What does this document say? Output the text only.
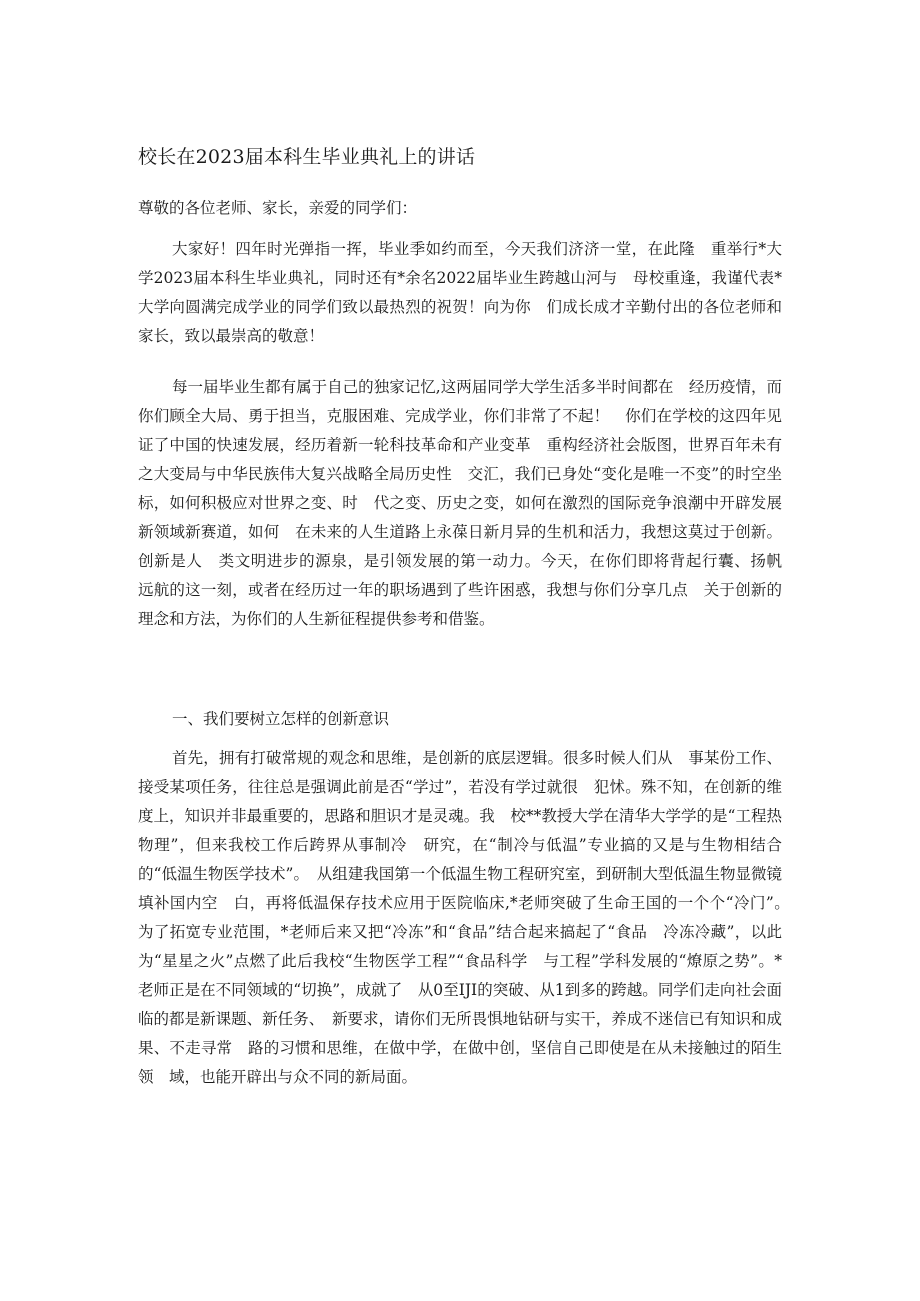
校长在2023届本科生毕业典礼上的讲话

尊敬的各位老师、家长，亲爱的同学们：

大家好！四年时光弹指一挥，毕业季如约而至，今天我们济济一堂，在此隆　重举行*大学2023届本科生毕业典礼，同时还有*余名2022届毕业生跨越山河与　母校重逢，我谨代表*大学向圆满完成学业的同学们致以最热烈的祝贺！向为你　们成长成才辛勤付出的各位老师和家长，致以最崇高的敬意！

每一届毕业生都有属于自己的独家记忆,这两届同学大学生活多半时间都在　经历疫情，而你们顾全大局、勇于担当，克服困难、完成学业，你们非常了不起！　你们在学校的这四年见证了中国的快速发展，经历着新一轮科技革命和产业变革　重构经济社会版图，世界百年未有之大变局与中华民族伟大复兴战略全局历史性　交汇，我们已身处“变化是唯一不变”的时空坐标，如何积极应对世界之变、时　代之变、历史之变，如何在激烈的国际竞争浪潮中开辟发展新领域新赛道，如何　在未来的人生道路上永葆日新月异的生机和活力，我想这莫过于创新。创新是人　类文明进步的源泉，是引领发展的第一动力。今天，在你们即将背起行囊、扬帆　远航的这一刻，或者在经历过一年的职场遇到了些许困惑，我想与你们分享几点　关于创新的理念和方法，为你们的人生新征程提供参考和借鉴。

一、我们要树立怎样的创新意识

首先，拥有打破常规的观念和思维，是创新的底层逻辑。很多时候人们从　事某份工作、接受某项任务，往往总是强调此前是否“学过”，若没有学过就很　犯怵。殊不知，在创新的维度上，知识并非最重要的，思路和胆识才是灵魂。我　校**教授大学在清华大学学的是“工程热物理”，但来我校工作后跨界从事制冷　研究，在“制冷与低温”专业搞的又是与生物相结合的“低温生物医学技术”。　从组建我国第一个低温生物工程研究室，到研制大型低温生物显微镜填补国内空　白，再将低温保存技术应用于医院临床,*老师突破了生命王国的一个个“冷门”。　为了拓宽专业范围，*老师后来又把“冷冻”和“食品”结合起来搞起了“食品　冷冻冷藏”，以此为“星星之火”点燃了此后我校“生物医学工程”“食品科学　与工程”学科发展的“燎原之势”。*老师正是在不同领域的“切换”，成就了　从0至IJI的突破、从1到多的跨越。同学们走向社会面临的都是新课题、新任务、　新要求，请你们无所畏惧地钻研与实干，养成不迷信已有知识和成果、不走寻常　路的习惯和思维，在做中学，在做中创，坚信自己即使是在从未接触过的陌生领　域，也能开辟出与众不同的新局面。
